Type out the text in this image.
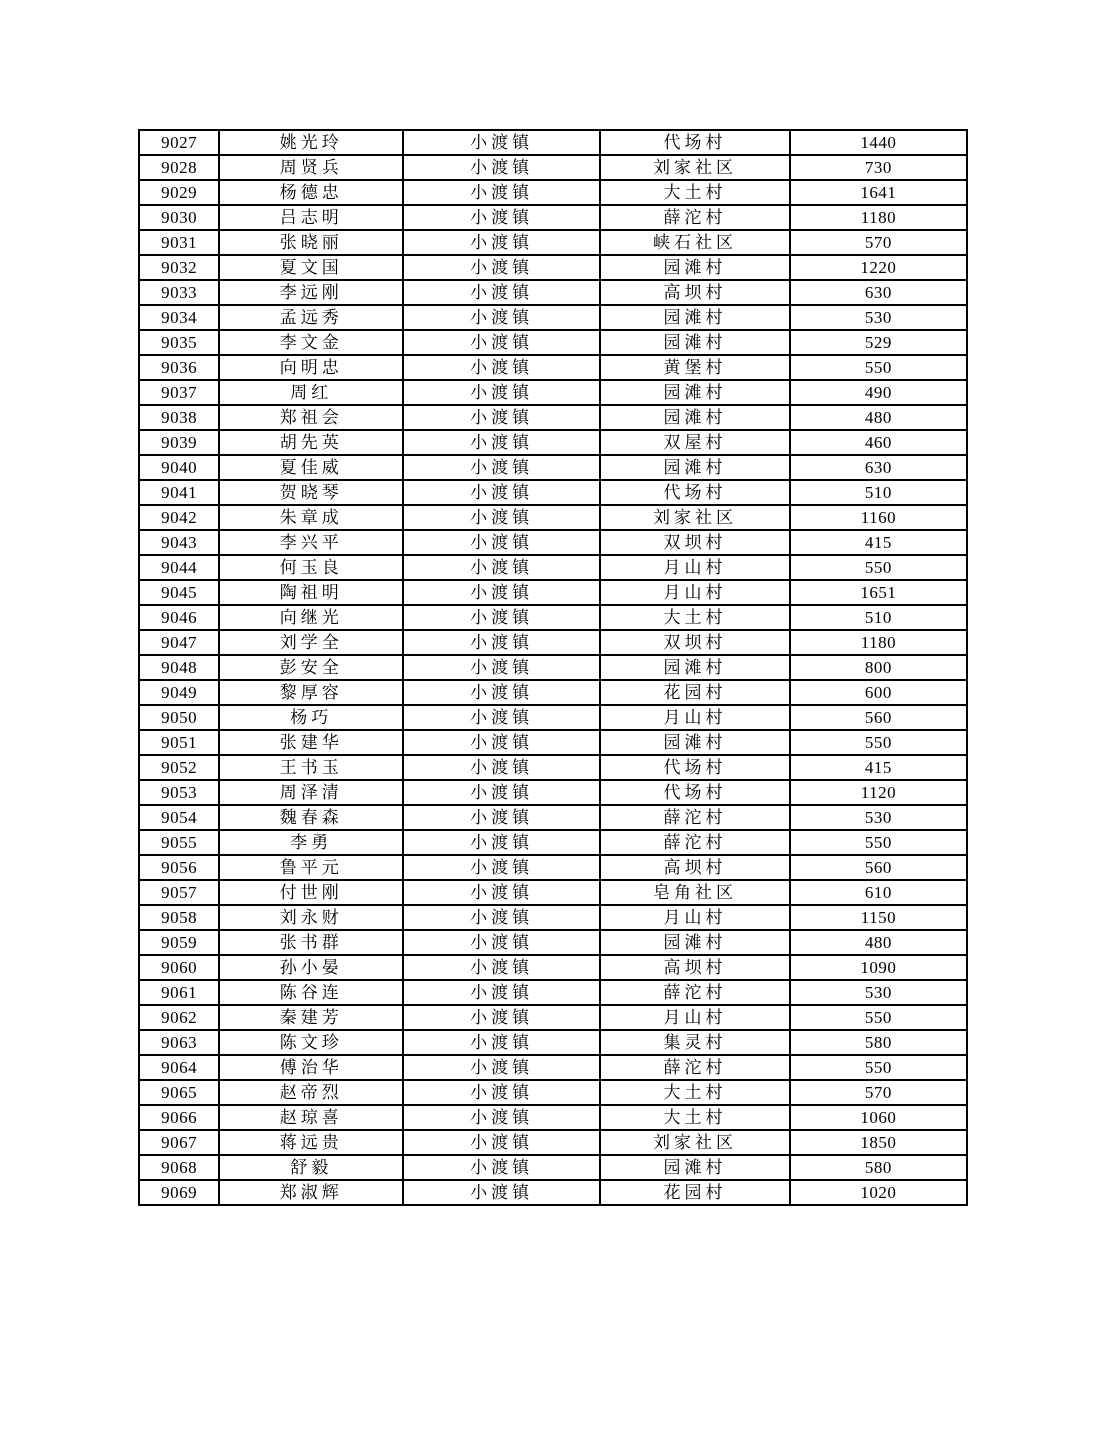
9027	姚光玲	小渡镇	代场村	1440
9028	周贤兵	小渡镇	刘家社区	730
9029	杨德忠	小渡镇	大土村	1641
9030	吕志明	小渡镇	薛沱村	1180
9031	张晓丽	小渡镇	峡石社区	570
9032	夏文国	小渡镇	园滩村	1220
9033	李远刚	小渡镇	高坝村	630
9034	孟远秀	小渡镇	园滩村	530
9035	李文金	小渡镇	园滩村	529
9036	向明忠	小渡镇	黄堡村	550
9037	周红	小渡镇	园滩村	490
9038	郑祖会	小渡镇	园滩村	480
9039	胡先英	小渡镇	双屋村	460
9040	夏佳威	小渡镇	园滩村	630
9041	贺晓琴	小渡镇	代场村	510
9042	朱章成	小渡镇	刘家社区	1160
9043	李兴平	小渡镇	双坝村	415
9044	何玉良	小渡镇	月山村	550
9045	陶祖明	小渡镇	月山村	1651
9046	向继光	小渡镇	大土村	510
9047	刘学全	小渡镇	双坝村	1180
9048	彭安全	小渡镇	园滩村	800
9049	黎厚容	小渡镇	花园村	600
9050	杨巧	小渡镇	月山村	560
9051	张建华	小渡镇	园滩村	550
9052	王书玉	小渡镇	代场村	415
9053	周泽清	小渡镇	代场村	1120
9054	魏春森	小渡镇	薛沱村	530
9055	李勇	小渡镇	薛沱村	550
9056	鲁平元	小渡镇	高坝村	560
9057	付世刚	小渡镇	皂角社区	610
9058	刘永财	小渡镇	月山村	1150
9059	张书群	小渡镇	园滩村	480
9060	孙小晏	小渡镇	高坝村	1090
9061	陈谷连	小渡镇	薛沱村	530
9062	秦建芳	小渡镇	月山村	550
9063	陈文珍	小渡镇	集灵村	580
9064	傅治华	小渡镇	薛沱村	550
9065	赵帝烈	小渡镇	大土村	570
9066	赵琼喜	小渡镇	大土村	1060
9067	蒋远贵	小渡镇	刘家社区	1850
9068	舒毅	小渡镇	园滩村	580
9069	郑淑辉	小渡镇	花园村	1020
